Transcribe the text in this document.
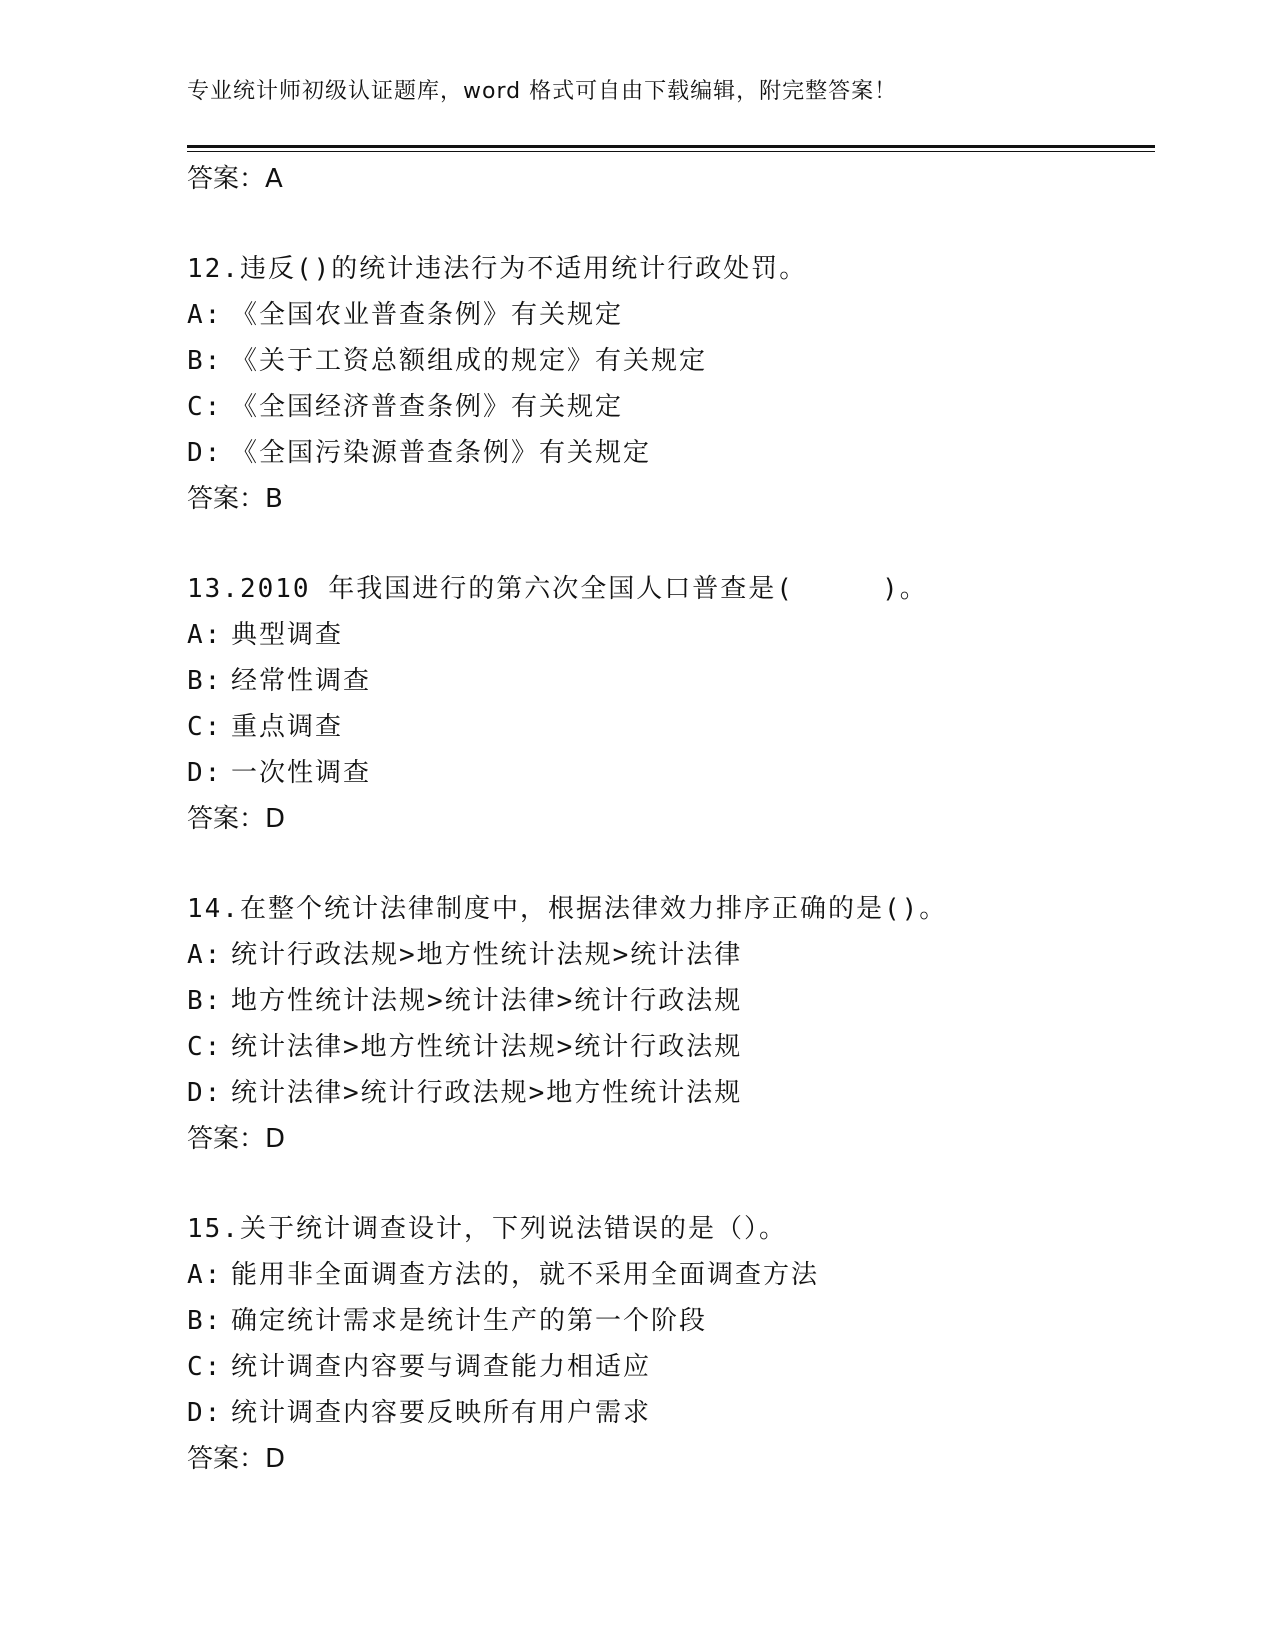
专业统计师初级认证题库，word 格式可自由下载编辑，附完整答案！
答案：A
12.违反()的统计违法行为不适用统计行政处罚。
A: 《全国农业普查条例》有关规定
B: 《关于工资总额组成的规定》有关规定
C: 《全国经济普查条例》有关规定
D: 《全国污染源普查条例》有关规定
答案：B
13.2010 年我国进行的第六次全国人口普查是(     )。
A: 典型调查
B: 经常性调查
C: 重点调查
D: 一次性调查
答案：D
14.在整个统计法律制度中，根据法律效力排序正确的是()。
A: 统计行政法规>地方性统计法规>统计法律
B: 地方性统计法规>统计法律>统计行政法规
C: 统计法律>地方性统计法规>统计行政法规
D: 统计法律>统计行政法规>地方性统计法规
答案：D
15.关于统计调查设计，下列说法错误的是（）。
A: 能用非全面调查方法的，就不采用全面调查方法
B: 确定统计需求是统计生产的第一个阶段
C: 统计调查内容要与调查能力相适应
D: 统计调查内容要反映所有用户需求
答案：D
